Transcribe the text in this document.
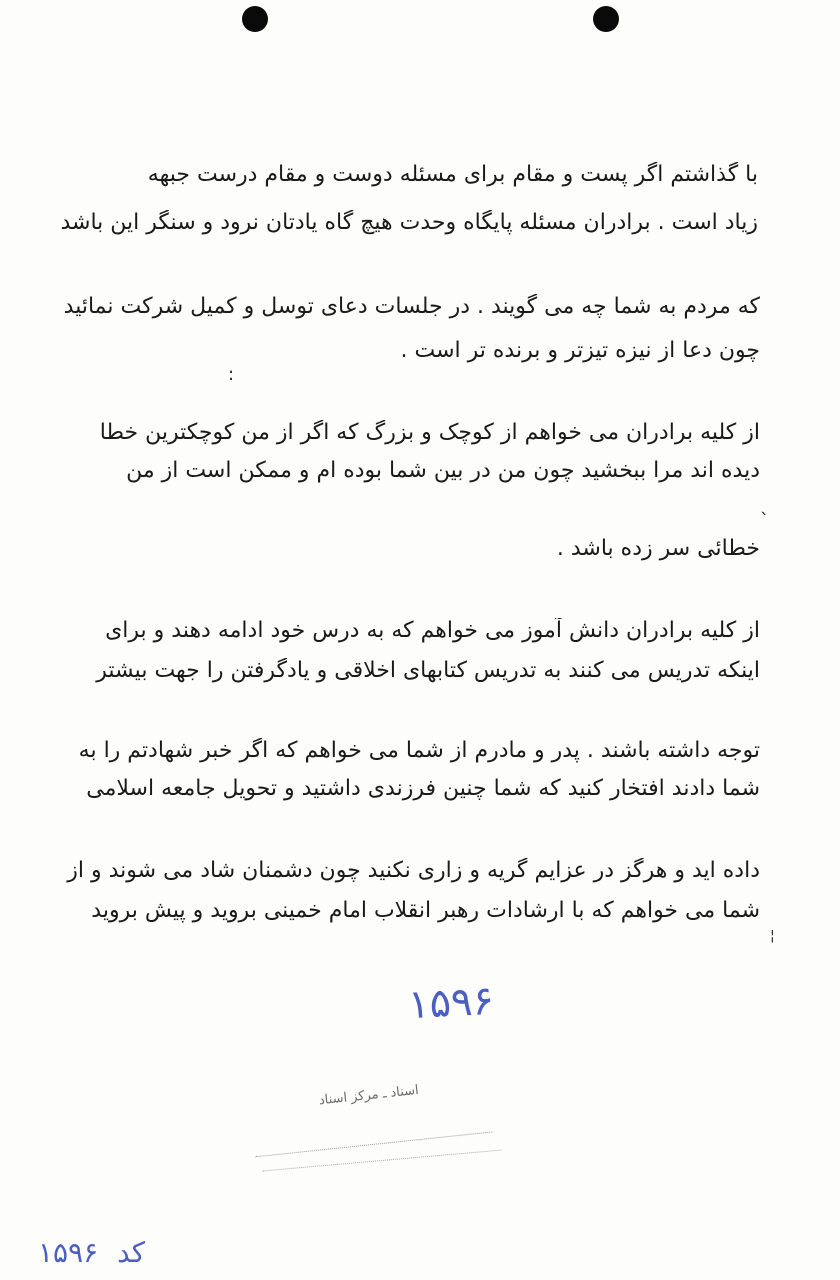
با گذاشتم اگر پست و مقام برای مسئله دوست و مقام درست جبهه
زیاد است . برادران مسئله پایگاه وحدت هیچ گاه یادتان نرود و سنگر این باشد
که مردم به شما چه می گویند . در جلسات دعای توسل و کمیل شرکت نمائید
چون دعا از نیزه تیزتر و برنده تر است .
از کلیه برادران می خواهم از کوچک و بزرگ که اگر از من کوچکترین خطا
دیده اند مرا ببخشید چون من در بین شما بوده ام و ممکن است از من
خطائی سر زده باشد .
از کلیه برادران دانش آموز می خواهم که به درس خود ادامه دهند و برای
اینکه تدریس می کنند به تدریس کتابهای اخلاقی و یادگرفتن را جهت بیشتر
توجه داشته باشند . پدر و مادرم از شما می خواهم که اگر خبر شهادتم را به
شما دادند افتخار کنید که شما چنین فرزندی داشتید و تحویل جامعه اسلامی
داده اید و هرگز در عزایم گریه و زاری نکنید چون دشمنان شاد می شوند و از
شما می خواهم که با ارشادات رهبر انقلاب امام خمینی بروید و پیش بروید
:
`
¦
۱۵۹۶
اسناد ـ مرکز اسناد
کد ۱۵۹۶
